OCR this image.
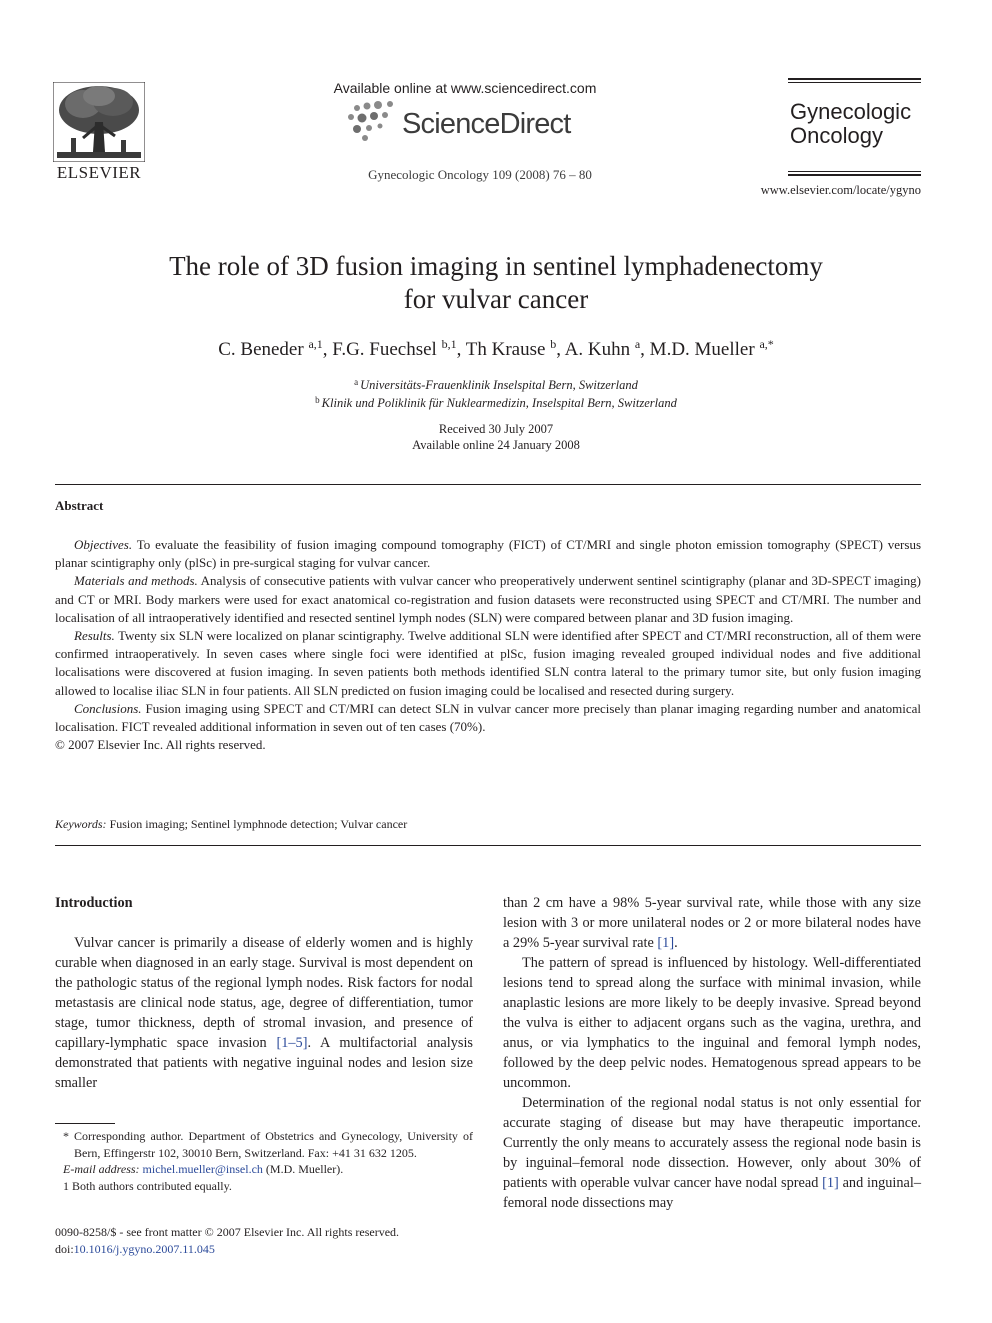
ELSEVIER
Available online at www.sciencedirect.com
ScienceDirect
Gynecologic Oncology 109 (2008) 76 – 80
Gynecologic
Oncology
www.elsevier.com/locate/ygyno
The role of 3D fusion imaging in sentinel lymphadenectomy
for vulvar cancer
C. Beneder $^{a,1}$, F.G. Fuechsel $^{b,1}$, Th Krause $^b$, A. Kuhn $^a$, M.D. Mueller $^{a,*}$
$^a$ Universitäts-Frauenklinik Inselspital Bern, Switzerland
$^b$ Klinik und Poliklinik für Nuklearmedizin, Inselspital Bern, Switzerland
Received 30 July 2007
Available online 24 January 2008
Abstract

Objectives. To evaluate the feasibility of fusion imaging compound tomography (FICT) of CT/MRI and single photon emission tomography (SPECT) versus planar scintigraphy only (plSc) in pre-surgical staging for vulvar cancer.

Materials and methods. Analysis of consecutive patients with vulvar cancer who preoperatively underwent sentinel scintigraphy (planar and 3D-SPECT imaging) and CT or MRI. Body markers were used for exact anatomical co-registration and fusion datasets were reconstructed using SPECT and CT/MRI. The number and localisation of all intraoperatively identified and resected sentinel lymph nodes (SLN) were compared between planar and 3D fusion imaging.

Results. Twenty six SLN were localized on planar scintigraphy. Twelve additional SLN were identified after SPECT and CT/MRI reconstruction, all of them were confirmed intraoperatively. In seven cases where single foci were identified at plSc, fusion imaging revealed grouped individual nodes and five additional localisations were discovered at fusion imaging. In seven patients both methods identified SLN contra lateral to the primary tumor site, but only fusion imaging allowed to localise iliac SLN in four patients. All SLN predicted on fusion imaging could be localised and resected during surgery.

Conclusions. Fusion imaging using SPECT and CT/MRI can detect SLN in vulvar cancer more precisely than planar imaging regarding number and anatomical localisation. FICT revealed additional information in seven out of ten cases (70%).

© 2007 Elsevier Inc. All rights reserved.

Keywords: Fusion imaging; Sentinel lymphnode detection; Vulvar cancer
Introduction

Vulvar cancer is primarily a disease of elderly women and is highly curable when diagnosed in an early stage. Survival is most dependent on the pathologic status of the regional lymph nodes. Risk factors for nodal metastasis are clinical node status, age, degree of differentiation, tumor stage, tumor thickness, depth of stromal invasion, and presence of capillary-lymphatic space invasion [1–5]. A multifactorial analysis demonstrated that patients with negative inguinal nodes and lesion size smaller

than 2 cm have a 98% 5-year survival rate, while those with any size lesion with 3 or more unilateral nodes or 2 or more bilateral nodes have a 29% 5-year survival rate [1].

The pattern of spread is influenced by histology. Well-differentiated lesions tend to spread along the surface with minimal invasion, while anaplastic lesions are more likely to be deeply invasive. Spread beyond the vulva is either to adjacent organs such as the vagina, urethra, and anus, or via lymphatics to the inguinal and femoral lymph nodes, followed by the deep pelvic nodes. Hematogenous spread appears to be uncommon.

Determination of the regional nodal status is not only essential for accurate staging of disease but may have therapeutic importance. Currently the only means to accurately assess the regional node basin is by inguinal–femoral node dissection. However, only about 30% of patients with operable vulvar cancer have nodal spread [1] and inguinal–femoral node dissections may

* Corresponding author. Department of Obstetrics and Gynecology, University of Bern, Effingerstr 102, 30010 Bern, Switzerland. Fax: +41 31 632 1205.
E-mail address: michel.mueller@insel.ch (M.D. Mueller).
1 Both authors contributed equally.
0090-8258/$ - see front matter © 2007 Elsevier Inc. All rights reserved.
doi:10.1016/j.ygyno.2007.11.045
